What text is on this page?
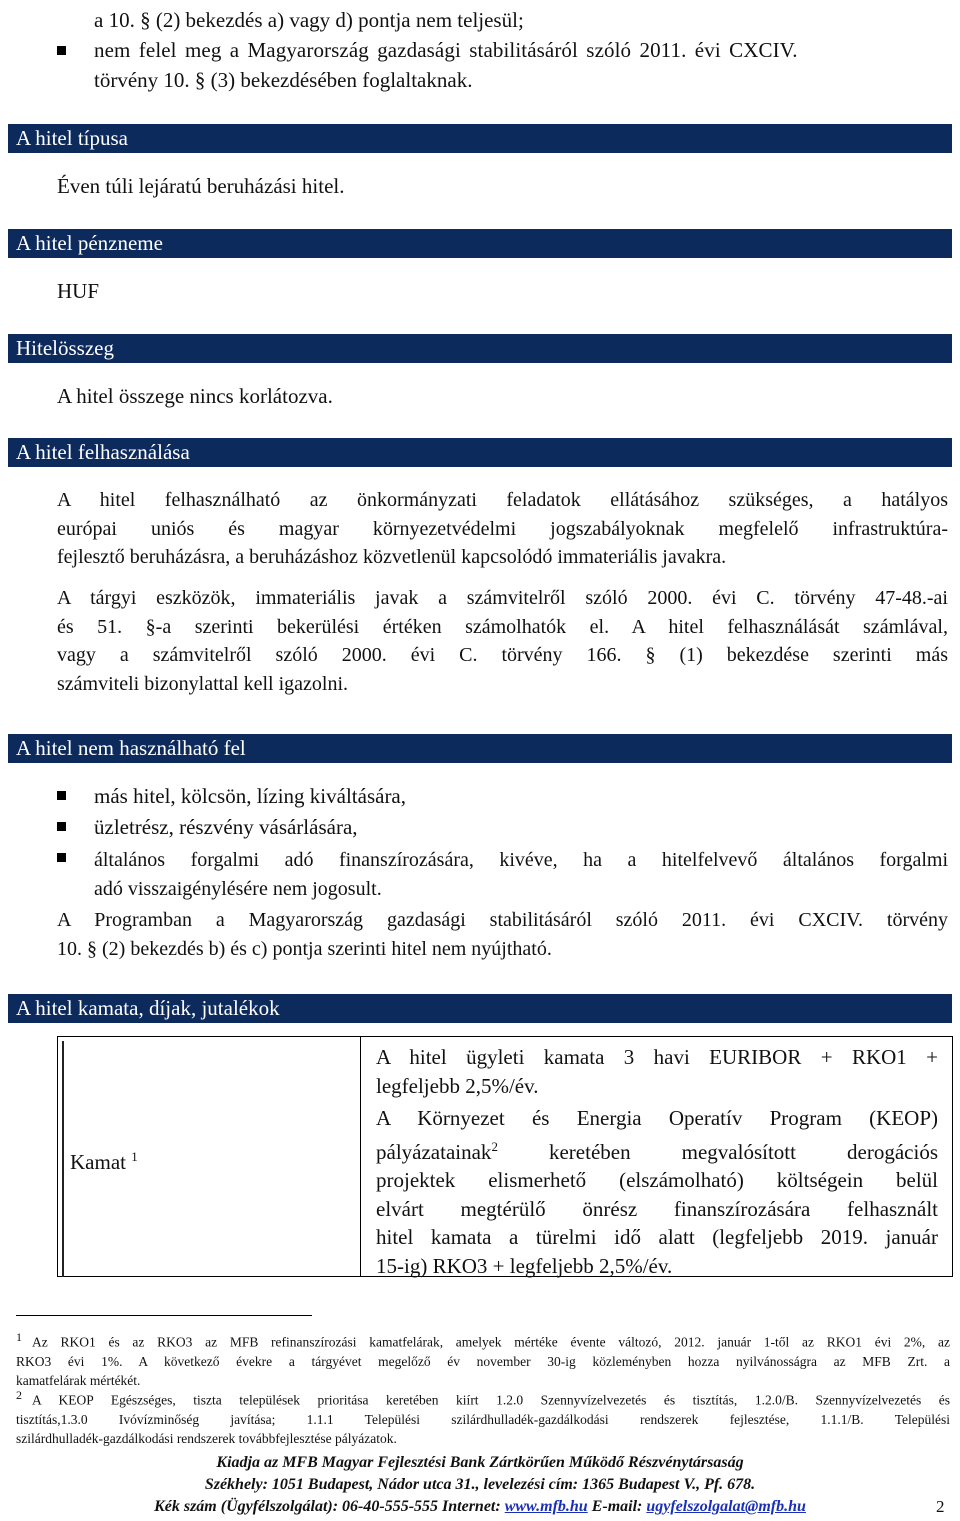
a 10. § (2) bekezdés a) vagy d) pontja nem teljesül;
nem felel meg a Magyarország gazdasági stabilitásáról szóló 2011. évi CXCIV.
törvény 10. § (3) bekezdésében foglaltaknak.
A hitel típusa
Éven túli lejáratú beruházási hitel.
A hitel pénzneme
HUF
Hitelösszeg
A hitel összege nincs korlátozva.
A hitel felhasználása
A hitel felhasználható az önkormányzati feladatok ellátásához szükséges, a hatályos
európai uniós és magyar környezetvédelmi jogszabályoknak megfelelő infrastruktúra-
fejlesztő beruházásra, a beruházáshoz közvetlenül kapcsolódó immateriális javakra.
A tárgyi eszközök, immateriális javak a számvitelről szóló 2000. évi C. törvény 47-48.-ai
és 51. §-a szerinti bekerülési értéken számolhatók el. A hitel felhasználását számlával,
vagy a számvitelről szóló 2000. évi C. törvény 166. § (1) bekezdése szerinti más
számviteli bizonylattal kell igazolni.
A hitel nem használható fel
más hitel, kölcsön, lízing kiváltására,
üzletrész, részvény vásárlására,
általános forgalmi adó finanszírozására, kivéve, ha a hitelfelvevő általános forgalmi
adó visszaigénylésére nem jogosult.
A Programban a Magyarország gazdasági stabilitásáról szóló 2011. évi CXCIV. törvény
10. § (2) bekezdés b) és c) pontja szerinti hitel nem nyújtható.
A hitel kamata, díjak, jutalékok
Kamat $^1$
A hitel ügyleti kamata 3 havi EURIBOR + RKO1 +
legfeljebb 2,5%/év.
A Környezet és Energia Operatív Program (KEOP)
pályázatainak$^2$ keretében megvalósított derogációs
projektek elismerhető (elszámolható) költségein belül
elvárt megtérülő önrész finanszírozására felhasznált
hitel kamata a türelmi idő alatt (legfeljebb 2019. január
15-ig) RKO3 + legfeljebb 2,5%/év.
$^1$ Az RKO1 és az RKO3 az MFB refinanszírozási kamatfelárak, amelyek mértéke évente változó, 2012. január 1-től az RKO1 évi 2%, az
RKO3 évi 1%. A következő évekre a tárgyévet megelőző év november 30-ig közleményben hozza nyilvánosságra az MFB Zrt. a
kamatfelárak mértékét.
$^2$ A KEOP Egészséges, tiszta települések prioritása keretében kiírt 1.2.0 Szennyvízelvezetés és tisztítás, 1.2.0/B. Szennyvízelvezetés és
tisztítás,1.3.0 Ivóvízminőség javítása; 1.1.1 Települési szilárdhulladék-gazdálkodási rendszerek fejlesztése, 1.1.1/B. Települési
szilárdhulladék-gazdálkodási rendszerek továbbfejlesztése pályázatok.
Kiadja az MFB Magyar Fejlesztési Bank Zártkörűen Működő Részvénytársaság
Székhely: 1051 Budapest, Nádor utca 31., levelezési cím: 1365 Budapest V., Pf. 678.
Kék szám (Ügyfélszolgálat): 06-40-555-555 Internet: www.mfb.hu E-mail: ugyfelszolgalat@mfb.hu	2
